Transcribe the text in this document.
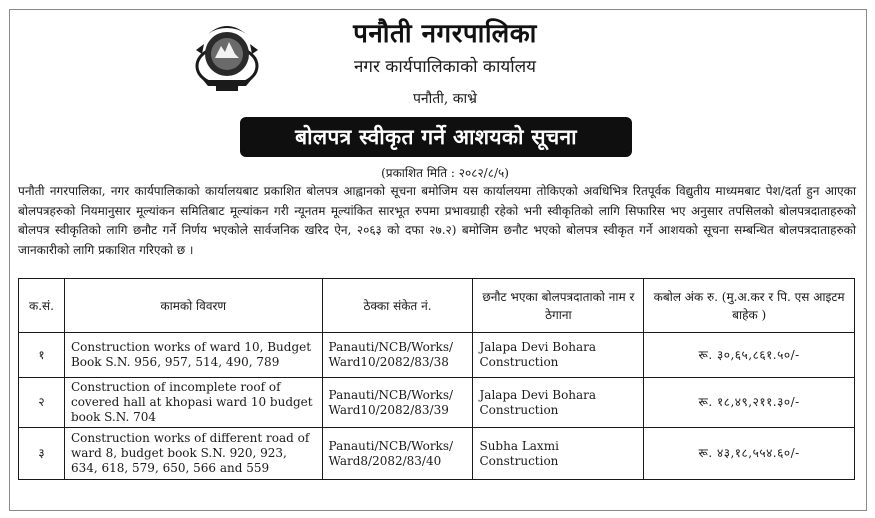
पनौती नगरपालिका
नगर कार्यपालिकाको कार्यालय
पनौती, काभ्रे
बोलपत्र स्वीकृत गर्ने आशयको सूचना
(प्रकाशित मिति : २०८२/८/५)

पनौती नगरपालिका, नगर कार्यपालिकाको कार्यालयबाट प्रकाशित बोलपत्र आह्वानको सूचना बमोजिम यस कार्यालयमा तोकिएको अवधिभित्र रितपूर्वक विद्युतीय माध्यमबाट पेश/दर्ता हुन आएका बोलपत्रहरुको नियमानुसार मूल्यांकन समितिबाट मूल्यांकन गरी न्यूनतम मूल्यांकित सारभूत रुपमा प्रभावग्राही रहेको भनी स्वीकृतिको लागि सिफारिस भए अनुसार तपसिलको बोलपत्रदाताहरुको बोलपत्र स्वीकृतिको लागि छनौट गर्ने निर्णय भएकोले सार्वजनिक खरिद ऐन, २०६३ को दफा २७.२) बमोजिम छनौट भएको बोलपत्र स्वीकृत गर्ने आशयको सूचना सम्बन्धित बोलपत्रदाताहरुको जानकारीको लागि प्रकाशित गरिएको छ ।

क.सं.	कामको विवरण	ठेक्का संकेत नं.	छनौट भएका बोलपत्रदाताको नाम र ठेगाना	कबोल अंक रु. (मु.अ.कर र पि. एस आइटम बाहेक )
१	Construction works of ward 10, Budget Book S.N. 956, 957, 514, 490, 789	Panauti/NCB/Works/ Ward10/2082/83/38	Jalapa Devi Bohara Construction	रू. ३०,६५,८६१.५०/-
२	Construction of incomplete roof of covered hall at khopasi ward 10 budget book S.N. 704	Panauti/NCB/Works/ Ward10/2082/83/39	Jalapa Devi Bohara Construction	रू. १८,४९,२११.३०/-
३	Construction works of different road of ward 8, budget book S.N. 920, 923, 634, 618, 579, 650, 566 and 559	Panauti/NCB/Works/ Ward8/2082/83/40	Subha Laxmi Construction	रू. ४३,१८,५५४.६०/-
